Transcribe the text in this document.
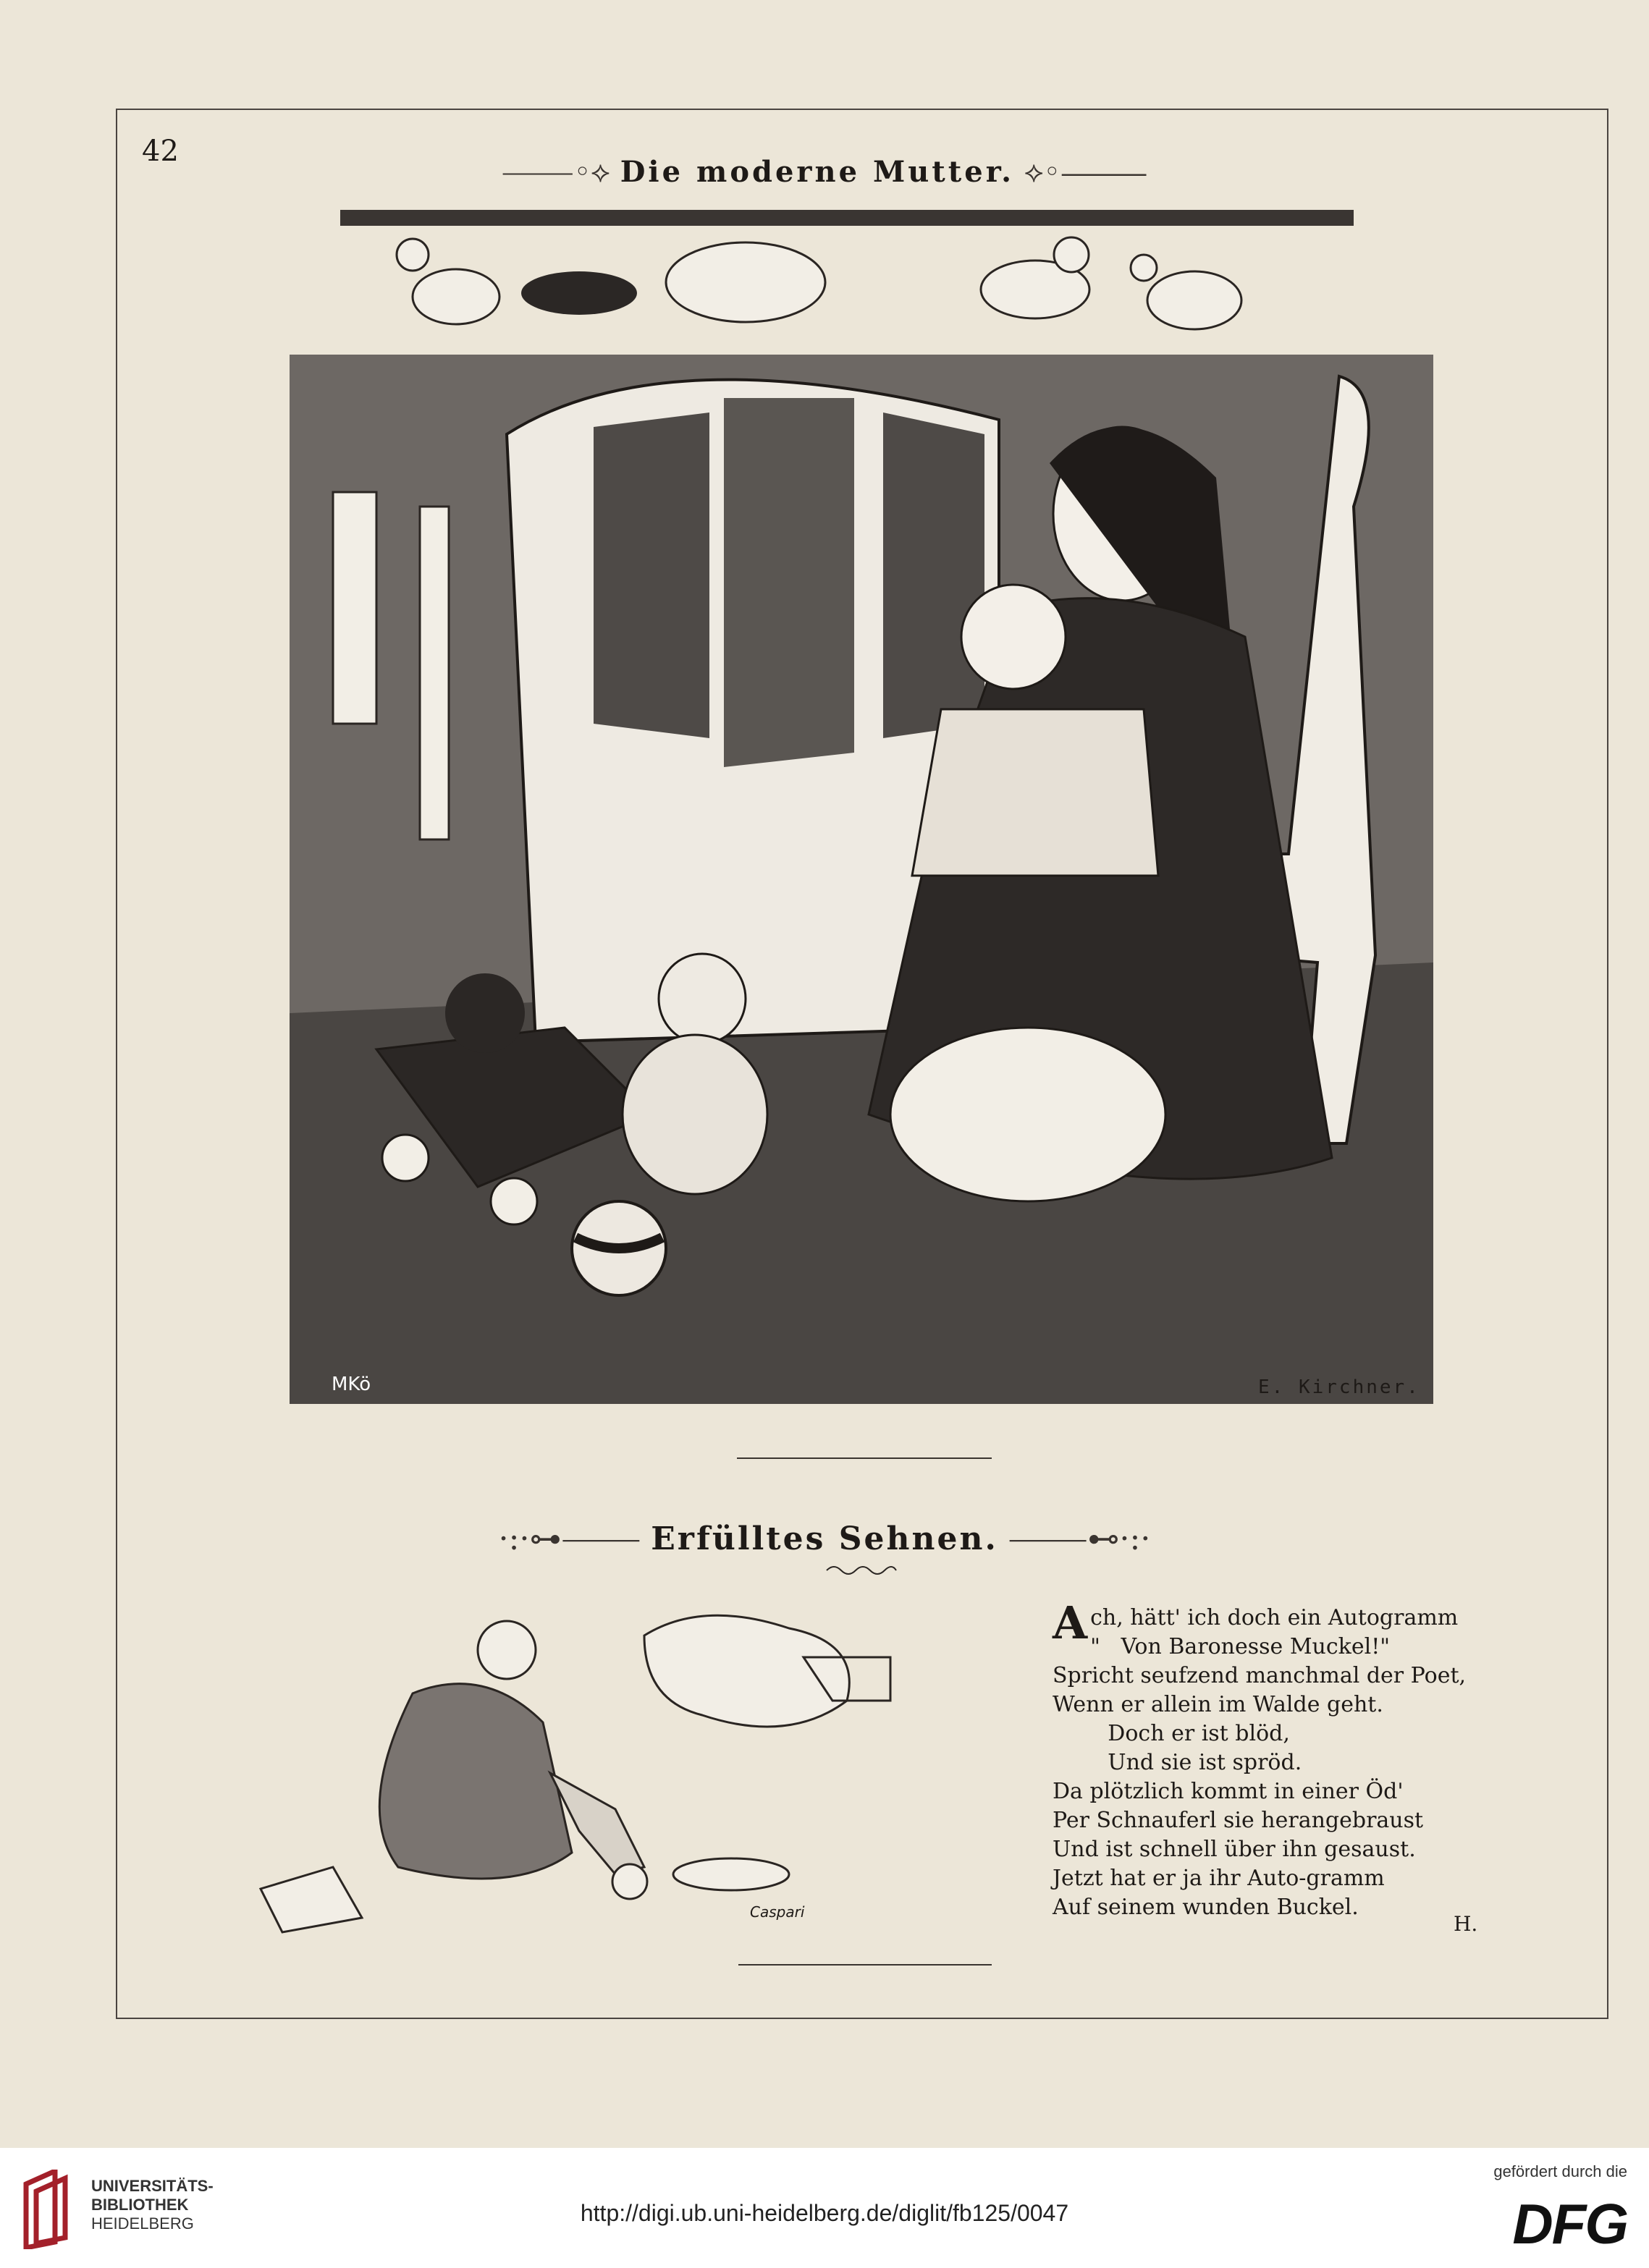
42
⸻◦⟡ Die moderne Mutter. ⟡◦⸻
MKö	E. Kirchner.
·:·⊶⸻ Erfülltes Sehnen. ⸻⊷·:·
Caspari
A ch, hätt' ich doch ein Autogramm
"   Von Baronesse Muckel!"
Spricht seufzend manchmal der Poet,
Wenn er allein im Walde geht.
Doch er ist blöd,
Und sie ist spröd.
Da plötzlich kommt in einer Öd'
Per Schnauferl sie herangebraust
Und ist schnell über ihn gesaust.
Jetzt hat er ja ihr Auto-gramm
Auf seinem wunden Buckel.
H.
UNIVERSITÄTS-
BIBLIOTHEK
HEIDELBERG	http://digi.ub.uni-heidelberg.de/diglit/fb125/0047
gefördert durch die
DFG
